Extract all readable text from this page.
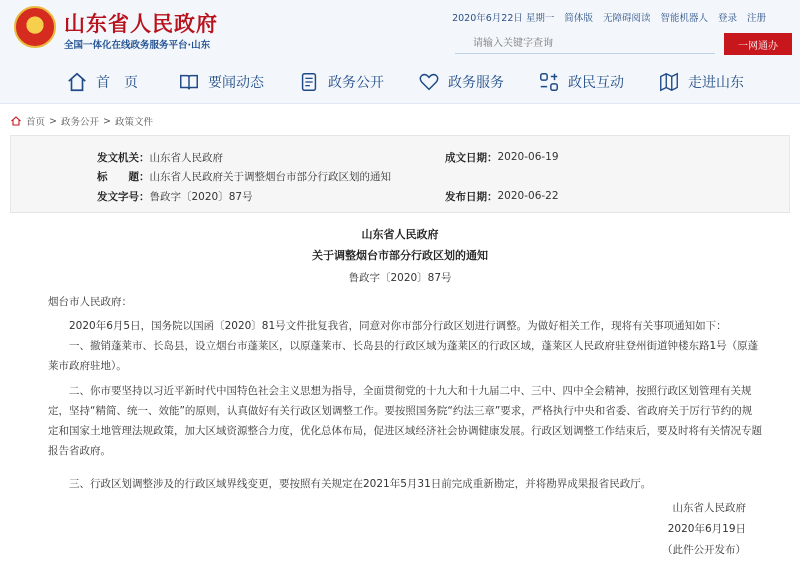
★ 山东省人民政府
全国一体化在线政务服务平台·山东
2020年6月22日 星期一 简体版 无障碍阅读 智能机器人 登录 注册
请输入关键字查询
一网通办
首　页	要闻动态	政务公开	政务服务	政民互动	走进山东
首页 > 政务公开 > 政策文件
发文机关： 山东省人民政府	成文日期： 2020-06-19
标　　题： 山东省人民政府关于调整烟台市部分行政区划的通知
发文字号： 鲁政字〔2020〕87号	发布日期： 2020-06-22
山东省人民政府
关于调整烟台市部分行政区划的通知
鲁政字〔2020〕87号
烟台市人民政府：
2020年6月5日，国务院以国函〔2020〕81号文件批复我省，同意对你市部分行政区划进行调整。为做好相关工作，现将有关事项通知如下：
一、撤销蓬莱市、长岛县，设立烟台市蓬莱区，以原蓬莱市、长岛县的行政区域为蓬莱区的行政区域，蓬莱区人民政府驻登州街道钟楼东路1号（原蓬莱市政府驻地）。
二、你市要坚持以习近平新时代中国特色社会主义思想为指导，全面贯彻党的十九大和十九届二中、三中、四中全会精神，按照行政区划管理有关规定，坚持“精简、统一、效能”的原则，认真做好有关行政区划调整工作。要按照国务院“约法三章”要求，严格执行中央和省委、省政府关于厉行节约的规定和国家土地管理法规政策，加大区域资源整合力度，优化总体布局，促进区域经济社会协调健康发展。行政区划调整工作结束后，要及时将有关情况专题报告省政府。
三、行政区划调整涉及的行政区域界线变更，要按照有关规定在2021年5月31日前完成重新勘定，并将勘界成果报省民政厅。
山东省人民政府
2020年6月19日
（此件公开发布）
